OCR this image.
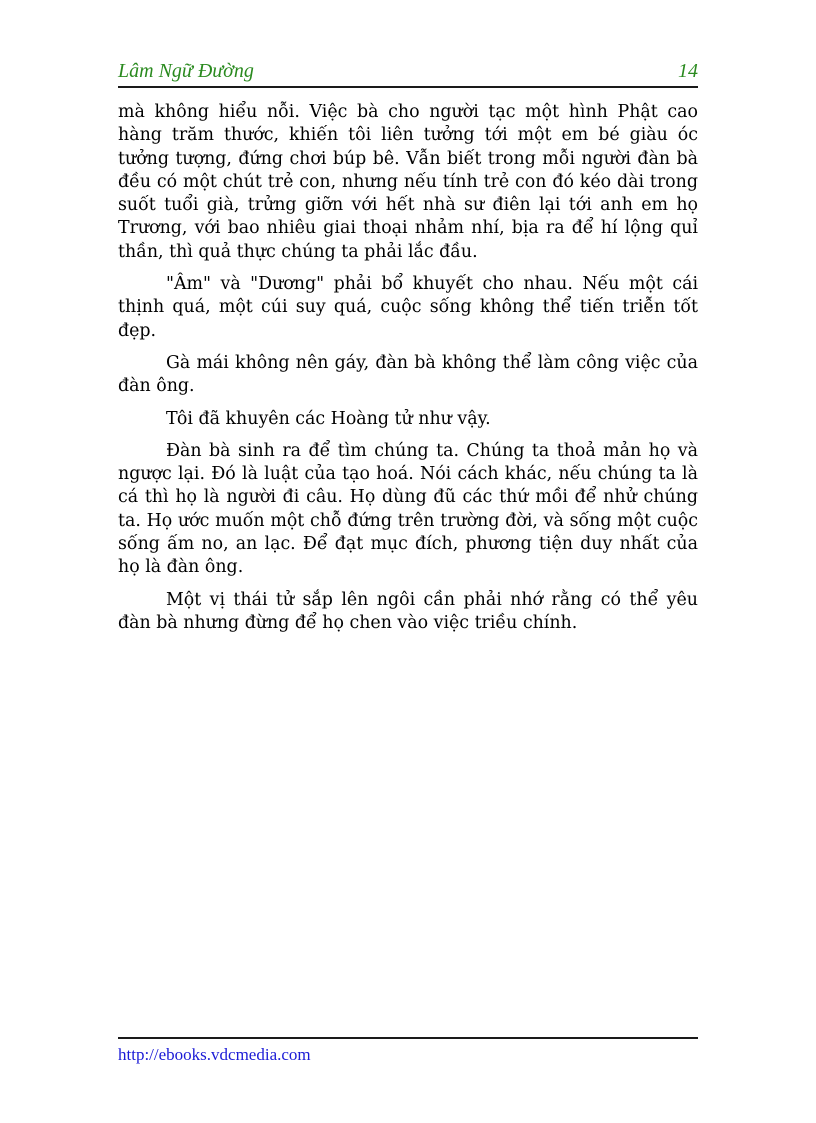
Lâm Ngữ Đường	14

mà không hiểu nỗi. Việc bà cho người tạc một hình Phật cao hàng trăm thước, khiến tôi liên tưởng tới một em bé giàu óc tưởng tượng, đứng chơi búp bê. Vẫn biết trong mỗi người đàn bà đều có một chút trẻ con, nhưng nếu tính trẻ con đó kéo dài trong suốt tuổi già, trửng giỡn với hết nhà sư điên lại tới anh em họ Trương, với bao nhiêu giai thoại nhảm nhí, bịa ra để hí lộng quỉ thần, thì quả thực chúng ta phải lắc đầu.

"Âm" và "Dương" phải bổ khuyết cho nhau. Nếu một cái thịnh quá, một cúi suy quá, cuộc sống không thể tiến triễn tốt đẹp.

Gà mái không nên gáy, đàn bà không thể làm công việc của đàn ông.

Tôi đã khuyên các Hoàng tử như vậy.

Đàn bà sinh ra để tìm chúng ta. Chúng ta thoả mản họ và ngược lại. Đó là luật của tạo hoá. Nói cách khác, nếu chúng ta là cá thì họ là người đi câu. Họ dùng đũ các thứ mồi để nhử chúng ta. Họ ước muốn một chỗ đứng trên trường đời, và sống một cuộc sống ấm no, an lạc. Để đạt mục đích, phương tiện duy nhất của họ là đàn ông.

Một vị thái tử sắp lên ngôi cần phải nhớ rằng có thể yêu đàn bà nhưng đừng để họ chen vào việc triều chính.

http://ebooks.vdcmedia.com
